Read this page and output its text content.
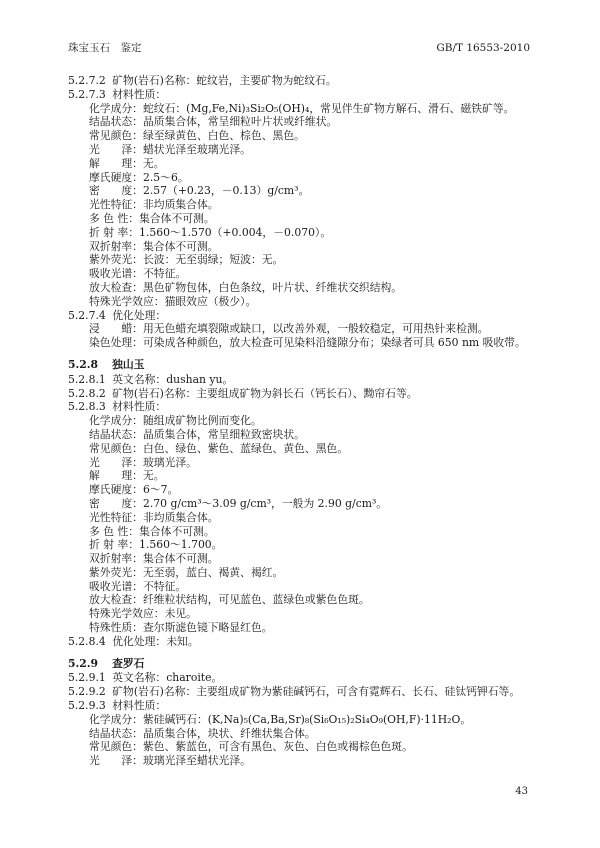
珠宝玉石　鉴定	GB/T 16553-2010
5.2.7.2 矿物(岩石)名称：蛇纹岩，主要矿物为蛇纹石。
5.2.7.3 材料性质：
化学成分：蛇纹石：(Mg,Fe,Ni)₃Si₂O₅(OH)₄，常见伴生矿物方解石、滑石、磁铁矿等。
结晶状态：晶质集合体，常呈细粒叶片状或纤维状。
常见颜色：绿至绿黄色、白色、棕色、黑色。
光　　泽：蜡状光泽至玻璃光泽。
解　　理：无。
摩氏硬度：2.5～6。
密　　度：2.57（+0.23，－0.13）g/cm³。
光性特征：非均质集合体。
多 色 性：集合体不可测。
折 射 率：1.560～1.570（+0.004，－0.070）。
双折射率：集合体不可测。
紫外荧光：长波：无至弱绿；短波：无。
吸收光谱：不特征。
放大检查：黑色矿物包体，白色条纹，叶片状、纤维状交织结构。
特殊光学效应：猫眼效应（极少）。
5.2.7.4 优化处理：
浸　　蜡：用无色蜡充填裂隙或缺口，以改善外观，一般较稳定，可用热针来检测。
染色处理：可染成各种颜色，放大检查可见染料沿缝隙分布；染绿者可具 650 nm 吸收带。
5.2.8 独山玉
5.2.8.1 英文名称：dushan yu。
5.2.8.2 矿物(岩石)名称：主要组成矿物为斜长石（钙长石）、黝帘石等。
5.2.8.3 材料性质：
化学成分：随组成矿物比例而变化。
结晶状态：晶质集合体，常呈细粒致密块状。
常见颜色：白色、绿色、紫色、蓝绿色、黄色、黑色。
光　　泽：玻璃光泽。
解　　理：无。
摩氏硬度：6～7。
密　　度：2.70 g/cm³～3.09 g/cm³，一般为 2.90 g/cm³。
光性特征：非均质集合体。
多 色 性：集合体不可测。
折 射 率：1.560～1.700。
双折射率：集合体不可测。
紫外荧光：无至弱，蓝白、褐黄、褐红。
吸收光谱：不特征。
放大检查：纤维粒状结构，可见蓝色、蓝绿色或紫色色斑。
特殊光学效应：未见。
特殊性质：查尔斯滤色镜下略显红色。
5.2.8.4 优化处理：未知。
5.2.9 查罗石
5.2.9.1 英文名称：charoite。
5.2.9.2 矿物(岩石)名称：主要组成矿物为紫硅碱钙石，可含有霓辉石、长石、硅钛钙钾石等。
5.2.9.3 材料性质：
化学成分：紫硅碱钙石：(K,Na)₅(Ca,Ba,Sr)₈(Si₆O₁₅)₂Si₄O₉(OH,F)·11H₂O。
结晶状态：晶质集合体，块状、纤维状集合体。
常见颜色：紫色、紫蓝色，可含有黑色、灰色、白色或褐棕色色斑。
光　　泽：玻璃光泽至蜡状光泽。
43
